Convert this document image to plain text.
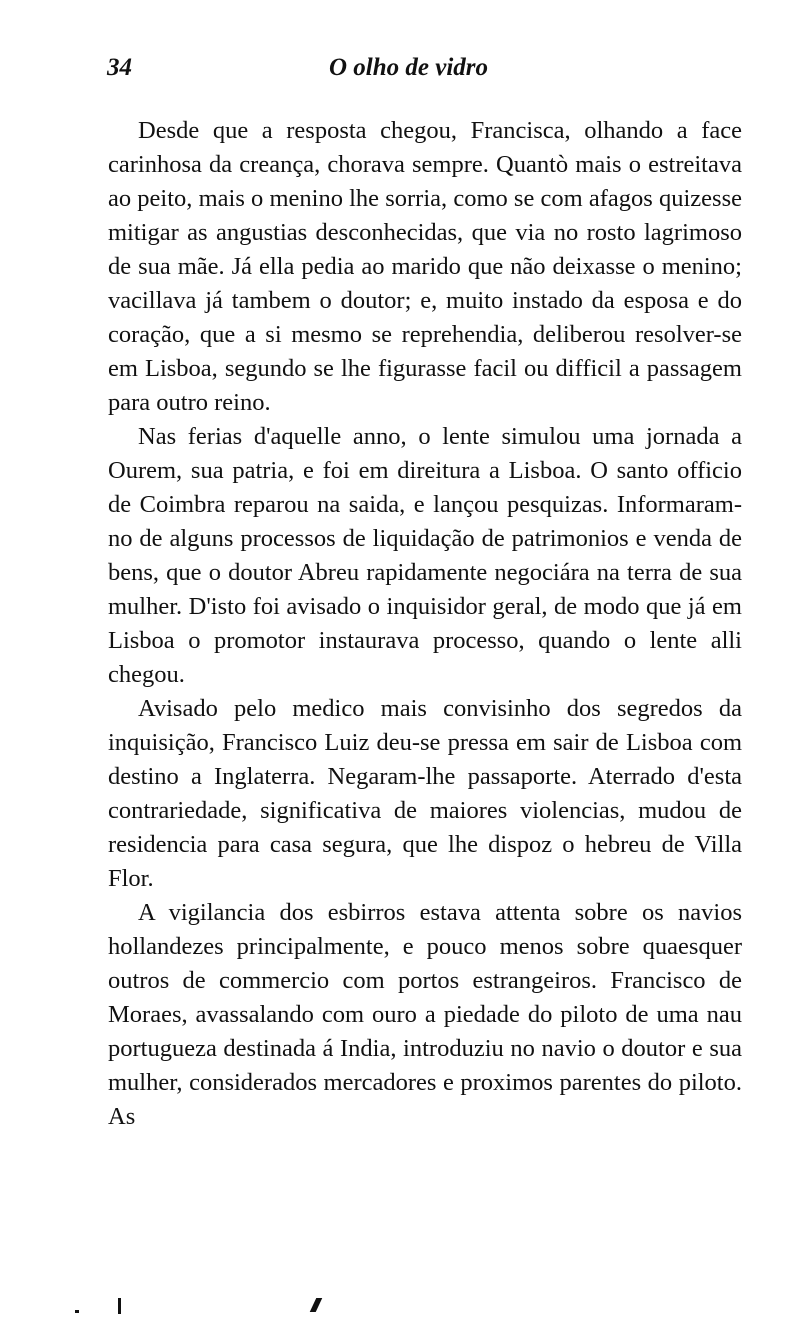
34	O olho de vidro

Desde que a resposta chegou, Francisca, olhando a face carinhosa da creança, chorava sempre. Quantò mais o estreitava ao peito, mais o menino lhe sorria, como se com afagos quizesse mitigar as angustias desconhecidas, que via no rosto lagrimoso de sua mãe. Já ella pedia ao marido que não deixasse o menino; vacillava já tambem o doutor; e, muito instado da esposa e do coração, que a si mesmo se reprehendia, deliberou resolver-se em Lisboa, segundo se lhe figurasse facil ou difficil a passagem para outro reino.

Nas ferias d'aquelle anno, o lente simulou uma jornada a Ourem, sua patria, e foi em direitura a Lisboa. O santo officio de Coimbra reparou na saida, e lançou pesquizas. Informaram-no de alguns processos de liquidação de patrimonios e venda de bens, que o doutor Abreu rapidamente negociára na terra de sua mulher. D'isto foi avisado o inquisidor geral, de modo que já em Lisboa o promotor instaurava processo, quando o lente alli chegou.

Avisado pelo medico mais convisinho dos segredos da inquisição, Francisco Luiz deu-se pressa em sair de Lisboa com destino a Inglaterra. Negaram-lhe passaporte. Aterrado d'esta contrariedade, significativa de maiores violencias, mudou de residencia para casa segura, que lhe dispoz o hebreu de Villa Flor.

A vigilancia dos esbirros estava attenta sobre os navios hollandezes principalmente, e pouco menos sobre quaesquer outros de commercio com portos estrangeiros. Francisco de Moraes, avassalando com ouro a piedade do piloto de uma nau portugueza destinada á India, introduziu no navio o doutor e sua mulher, considerados mercadores e proximos parentes do piloto. As
